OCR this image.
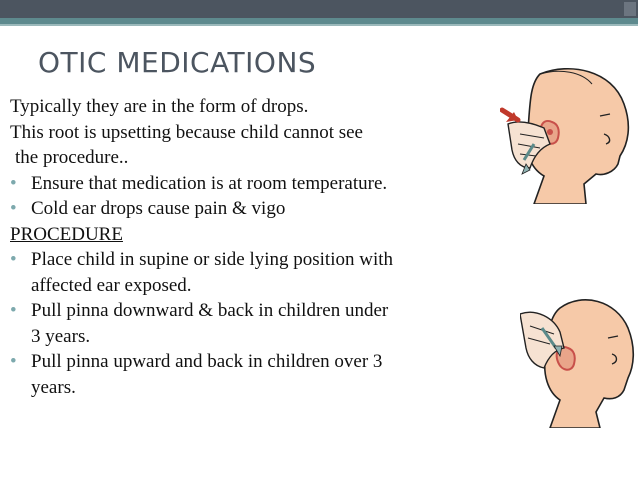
OTIC MEDICATIONS
Typically they are in the form of drops.
This root is upsetting because child cannot see
the procedure..
• Ensure that medication is at room temperature.
• Cold ear drops cause pain & vigo
PROCEDURE
• Place child in supine or side lying position with
affected ear exposed.
• Pull pinna downward & back in children under
3 years.
• Pull pinna upward and back in children over 3
years.
